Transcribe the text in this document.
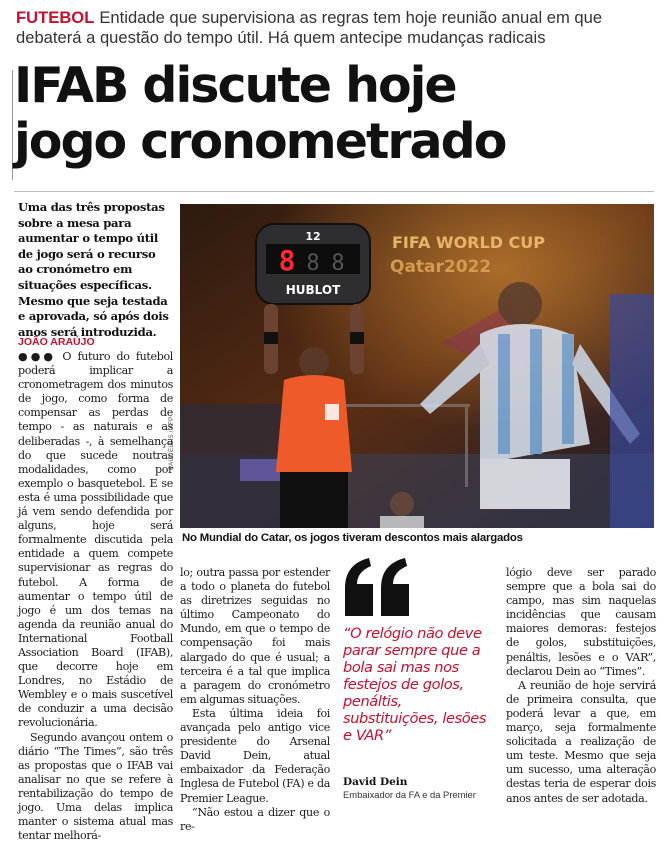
FUTEBOL Entidade que supervisiona as regras tem hoje reunião anual em que debaterá a questão do tempo útil. Há quem antecipe mudanças radicais
IFAB discute hoje
jogo cronometrado
Uma das três propostas sobre a mesa para aumentar o tempo útil de jogo será o recurso ao cronómetro em situações específicas. Mesmo que seja testada e aprovada, só após dois anos será introduzida.
JOÃO ARAÚJO

●●● O futuro do futebol poderá implicar a cronometragem dos minutos de jogo, como forma de compensar as perdas de tempo - as naturais e as deliberadas -, à semelhança do que sucede noutras modalidades, como por exemplo o basquetebol. E se esta é uma possibilidade que já vem sendo defendida por alguns, hoje será formalmente discutida pela entidade a quem compete supervisionar as regras do futebol. A forma de aumentar o tempo útil de jogo é um dos temas na agenda da reunião anual do International Football Association Board (IFAB), que decorre hoje em Londres, no Estádio de Wembley e o mais suscetível de conduzir a uma decisão revolucionária.

Segundo avançou ontem o diário “The Times”, são três as propostas que o IFAB vai analisar no que se refere à rentabilização do tempo de jogo. Uma delas implica manter o sistema atual mas tentar melhorá-

lo; outra passa por estender a todo o planeta do futebol as diretrizes seguidas no último Campeonato do Mundo, em que o tempo de compensação foi mais alargado do que é usual; a terceira é a tal que implica a paragem do cronómetro em algumas situações.

Esta última ideia foi avançada pelo antigo vice presidente do Arsenal David Dein, atual embaixador da Federação Inglesa de Futebol (FA) e da Premier League.

“Não estou a dizer que o re-

lógio deve ser parado sempre que a bola sai do campo, mas sim naquelas incidências que causam maiores demoras: festejos de golos, substituições, penáltis, lesões e o VAR”, declarou Dein ao “Times”.

A reunião de hoje servirá de primeira consulta, que poderá levar a que, em março, seja formalmente solicitada a realização de um teste. Mesmo que seja um sucesso, uma alteração destas teria de esperar dois anos antes de ser adotada.

FIFA WORLD CUP
Qatar2022
12
8 8 8
HUBLOT
PAUL ELLIS / AFP
No Mundial do Catar, os jogos tiveram descontos mais alargados

“O relógio não deve parar sempre que a bola sai mas nos festejos de golos, penáltis, substituições, lesões e VAR”

David Dein
Embaixador da FA e da Premier
